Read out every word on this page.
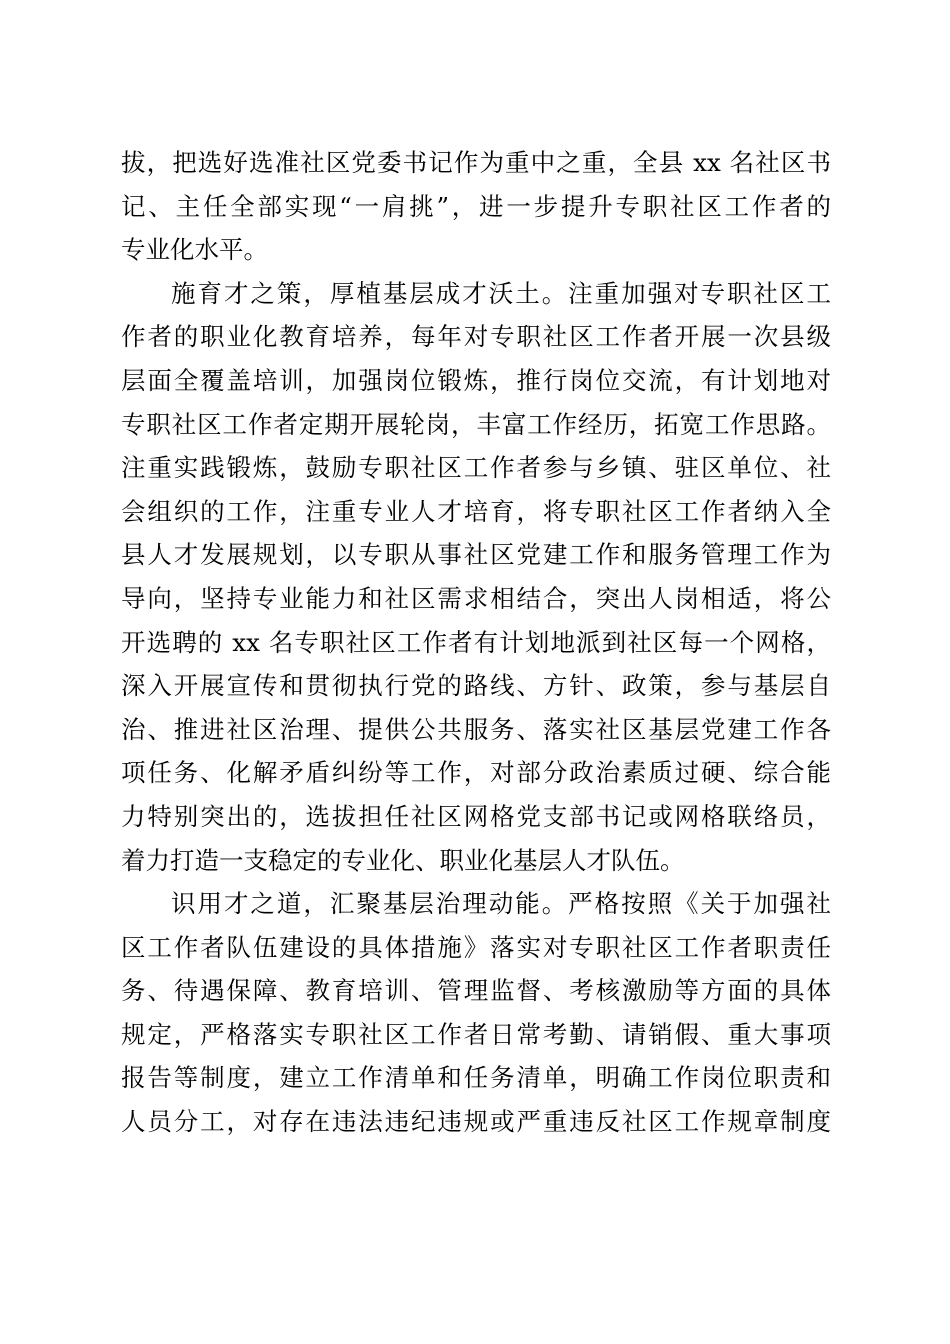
拔，把选好选准社区党委书记作为重中之重，全县 xx 名社区书
记、主任全部实现“一肩挑”，进一步提升专职社区工作者的
专业化水平。
施育才之策，厚植基层成才沃土。注重加强对专职社区工
作者的职业化教育培养，每年对专职社区工作者开展一次县级
层面全覆盖培训，加强岗位锻炼，推行岗位交流，有计划地对
专职社区工作者定期开展轮岗，丰富工作经历，拓宽工作思路。
注重实践锻炼，鼓励专职社区工作者参与乡镇、驻区单位、社
会组织的工作，注重专业人才培育，将专职社区工作者纳入全
县人才发展规划，以专职从事社区党建工作和服务管理工作为
导向，坚持专业能力和社区需求相结合，突出人岗相适，将公
开选聘的 xx 名专职社区工作者有计划地派到社区每一个网格，
深入开展宣传和贯彻执行党的路线、方针、政策，参与基层自
治、推进社区治理、提供公共服务、落实社区基层党建工作各
项任务、化解矛盾纠纷等工作，对部分政治素质过硬、综合能
力特别突出的，选拔担任社区网格党支部书记或网格联络员，
着力打造一支稳定的专业化、职业化基层人才队伍。
识用才之道，汇聚基层治理动能。严格按照《关于加强社
区工作者队伍建设的具体措施》落实对专职社区工作者职责任
务、待遇保障、教育培训、管理监督、考核激励等方面的具体
规定，严格落实专职社区工作者日常考勤、请销假、重大事项
报告等制度，建立工作清单和任务清单，明确工作岗位职责和
人员分工，对存在违法违纪违规或严重违反社区工作规章制度
